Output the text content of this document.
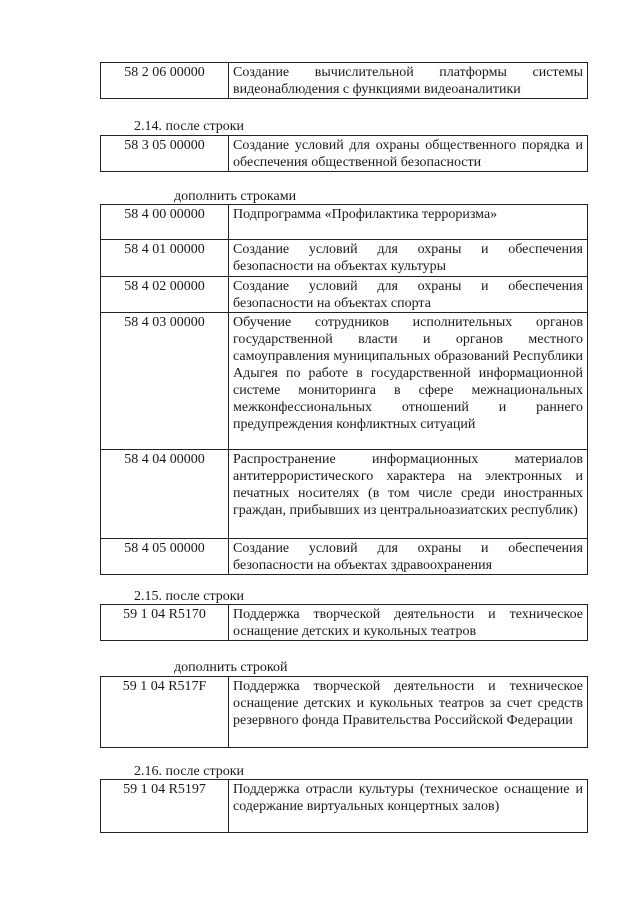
58 2 06 00000	Создание вычислительной платформы системы видеонаблюдения с функциями видеоаналитики
2.14. после строки
58 3 05 00000	Создание условий для охраны общественного порядка и обеспечения общественной безопасности
дополнить строками
58 4 00 00000	Подпрограмма «Профилактика терроризма»
58 4 01 00000	Создание условий для охраны и обеспечения безопасности на объектах культуры
58 4 02 00000	Создание условий для охраны и обеспечения безопасности на объектах спорта
58 4 03 00000	Обучение сотрудников исполнительных органов государственной власти и органов местного самоуправления муниципальных образований Республики Адыгея по работе в государственной информационной системе мониторинга в сфере межнациональных межконфессиональных отношений и раннего предупреждения конфликтных ситуаций
58 4 04 00000	Распространение информационных материалов антитеррористического характера на электронных и печатных носителях (в том числе среди иностранных граждан, прибывших из центральноазиатских республик)
58 4 05 00000	Создание условий для охраны и обеспечения безопасности на объектах здравоохранения
2.15. после строки
59 1 04 R5170	Поддержка творческой деятельности и техническое оснащение детских и кукольных театров
дополнить строкой
59 1 04 R517F	Поддержка творческой деятельности и техническое оснащение детских и кукольных театров за счет средств резервного фонда Правительства Российской Федерации
2.16. после строки
59 1 04 R5197	Поддержка отрасли культуры (техническое оснащение и содержание виртуальных концертных залов)
